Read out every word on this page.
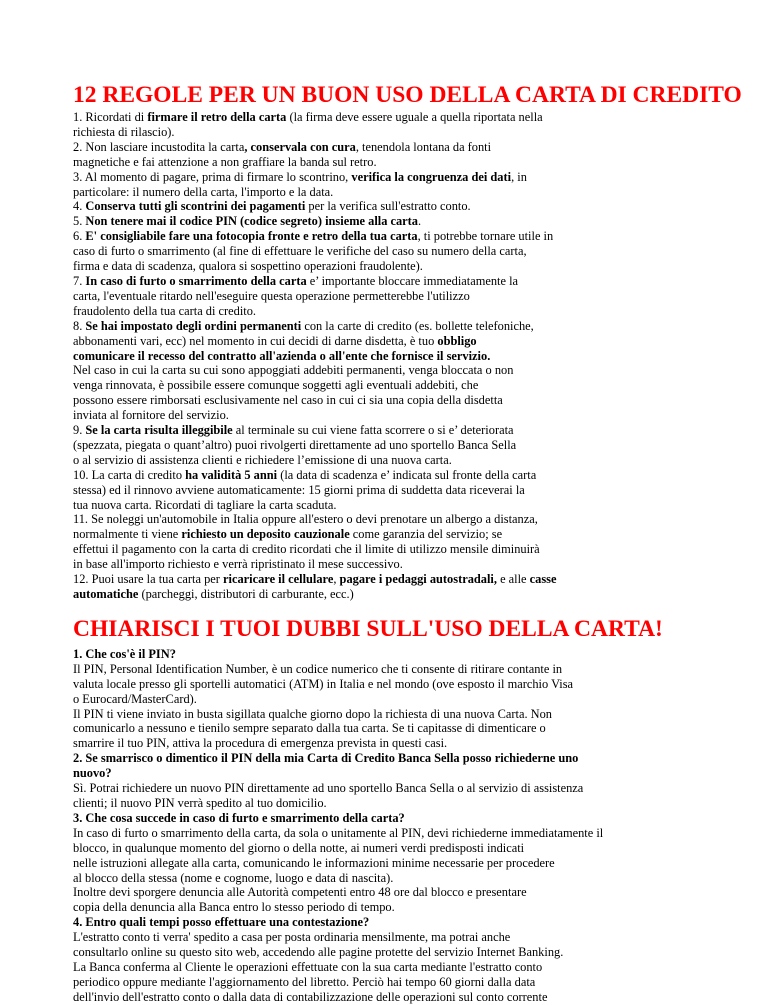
12 REGOLE PER UN BUON USO DELLA CARTA DI CREDITO
1. Ricordati di firmare il retro della carta (la firma deve essere uguale a quella riportata nella
richiesta di rilascio).
2. Non lasciare incustodita la carta, conservala con cura, tenendola lontana da fonti
magnetiche e fai attenzione a non graffiare la banda sul retro.
3. Al momento di pagare, prima di firmare lo scontrino, verifica la congruenza dei dati, in
particolare: il numero della carta, l'importo e la data.
4. Conserva tutti gli scontrini dei pagamenti per la verifica sull'estratto conto.
5. Non tenere mai il codice PIN (codice segreto) insieme alla carta.
6. E' consigliabile fare una fotocopia fronte e retro della tua carta, ti potrebbe tornare utile in
caso di furto o smarrimento (al fine di effettuare le verifiche del caso su numero della carta,
firma e data di scadenza, qualora si sospettino operazioni fraudolente).
7. In caso di furto o smarrimento della carta e’ importante bloccare immediatamente la
carta, l'eventuale ritardo nell'eseguire questa operazione permetterebbe l'utilizzo
fraudolento della tua carta di credito.
8. Se hai impostato degli ordini permanenti con la carte di credito (es. bollette telefoniche,
abbonamenti vari, ecc) nel momento in cui decidi di darne disdetta, è tuo obbligo
comunicare il recesso del contratto all'azienda o all'ente che fornisce il servizio.
Nel caso in cui la carta su cui sono appoggiati addebiti permanenti, venga bloccata o non
venga rinnovata, è possibile essere comunque soggetti agli eventuali addebiti, che
possono essere rimborsati esclusivamente nel caso in cui ci sia una copia della disdetta
inviata al fornitore del servizio.
9. Se la carta risulta illeggibile al terminale su cui viene fatta scorrere o si e’ deteriorata
(spezzata, piegata o quant’altro) puoi rivolgerti direttamente ad uno sportello Banca Sella
o al servizio di assistenza clienti e richiedere l’emissione di una nuova carta.
10. La carta di credito ha validità 5 anni (la data di scadenza e’ indicata sul fronte della carta
stessa) ed il rinnovo avviene automaticamente: 15 giorni prima di suddetta data riceverai la
tua nuova carta. Ricordati di tagliare la carta scaduta.
11. Se noleggi un'automobile in Italia oppure all'estero o devi prenotare un albergo a distanza,
normalmente ti viene richiesto un deposito cauzionale come garanzia del servizio; se
effettui il pagamento con la carta di credito ricordati che il limite di utilizzo mensile diminuirà
in base all'importo richiesto e verrà ripristinato il mese successivo.
12. Puoi usare la tua carta per ricaricare il cellulare, pagare i pedaggi autostradali, e alle casse
automatiche (parcheggi, distributori di carburante, ecc.)
CHIARISCI I TUOI DUBBI SULL'USO DELLA CARTA!
1. Che cos'è il PIN?
Il PIN, Personal Identification Number, è un codice numerico che ti consente di ritirare contante in
valuta locale presso gli sportelli automatici (ATM) in Italia e nel mondo (ove esposto il marchio Visa
o Eurocard/MasterCard).
Il PIN ti viene inviato in busta sigillata qualche giorno dopo la richiesta di una nuova Carta. Non
comunicarlo a nessuno e tienilo sempre separato dalla tua carta. Se ti capitasse di dimenticare o
smarrire il tuo PIN, attiva la procedura di emergenza prevista in questi casi.
2. Se smarrisco o dimentico il PIN della mia Carta di Credito Banca Sella posso richiederne uno
nuovo?
Sì. Potrai richiedere un nuovo PIN direttamente ad uno sportello Banca Sella o al servizio di assistenza
clienti; il nuovo PIN verrà spedito al tuo domicilio.
3. Che cosa succede in caso di furto e smarrimento della carta?
In caso di furto o smarrimento della carta, da sola o unitamente al PIN, devi richiederne immediatamente il
blocco, in qualunque momento del giorno o della notte, ai numeri verdi predisposti indicati
nelle istruzioni allegate alla carta, comunicando le informazioni minime necessarie per procedere
al blocco della stessa (nome e cognome, luogo e data di nascita).
Inoltre devi sporgere denuncia alle Autorità competenti entro 48 ore dal blocco e presentare
copia della denuncia alla Banca entro lo stesso periodo di tempo.
4. Entro quali tempi posso effettuare una contestazione?
L'estratto conto ti verra' spedito a casa per posta ordinaria mensilmente, ma potrai anche
consultarlo online su questo sito web, accedendo alle pagine protette del servizio Internet Banking.
La Banca conferma al Cliente le operazioni effettuate con la sua carta mediante l'estratto conto
periodico oppure mediante l'aggiornamento del libretto. Perciò hai tempo 60 giorni dalla data
dell'invio dell'estratto conto o dalla data di contabilizzazione delle operazioni sul conto corrente
